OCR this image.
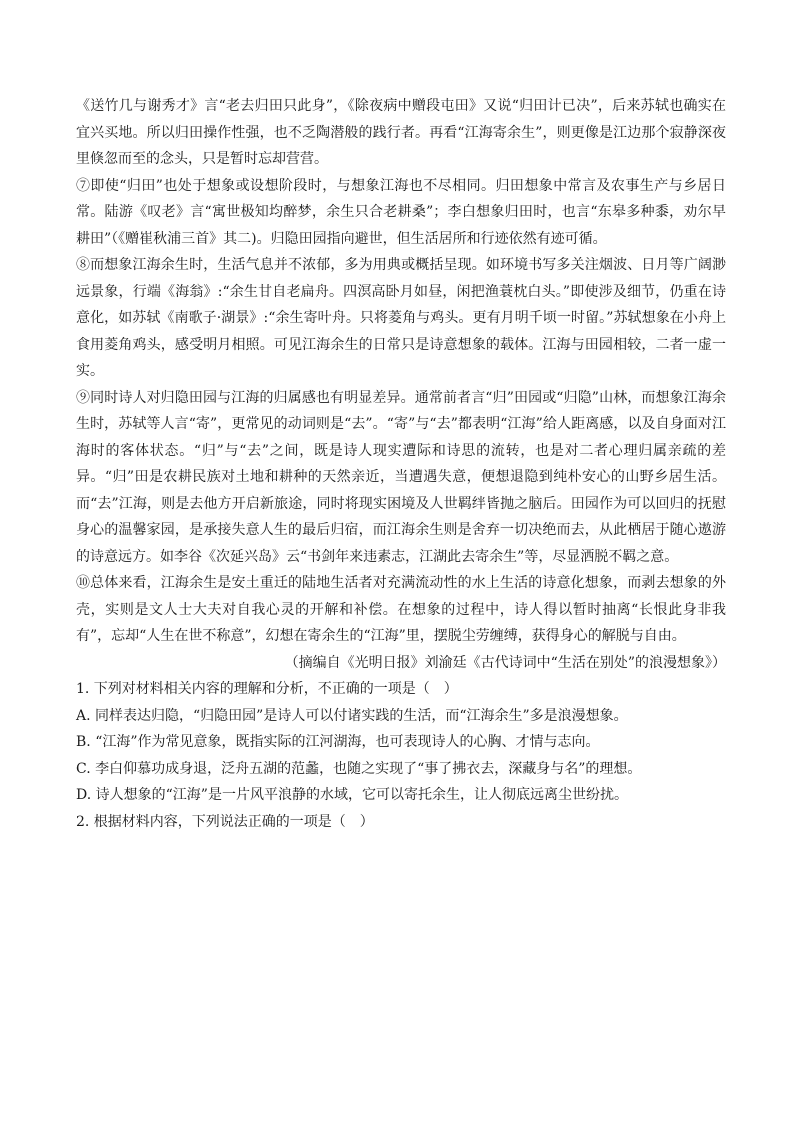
《送竹几与谢秀才》言“老去归田只此身”，《除夜病中赠段屯田》又说“归田计已决”，后来苏轼也确实在宜兴买地。所以归田操作性强，也不乏陶潜般的践行者。再看“江海寄余生”，则更像是江边那个寂静深夜里倏忽而至的念头，只是暂时忘却营营。

⑦即使“归田”也处于想象或设想阶段时，与想象江海也不尽相同。归田想象中常言及农事生产与乡居日常。陆游《叹老》言“寓世极知均醉梦，余生只合老耕桑”；李白想象归田时，也言“东皋多种黍，劝尔早耕田”（《赠崔秋浦三首》其二)。归隐田园指向避世，但生活居所和行迹依然有迹可循。

⑧而想象江海余生时，生活气息并不浓郁，多为用典或概括呈现。如环境书写多关注烟波、日月等广阔渺远景象，行端《海翁》:“余生甘自老扁舟。四溟高卧月如昼，闲把渔蓑枕白头。”即使涉及细节，仍重在诗意化，如苏轼《南歌子·湖景》:“余生寄叶舟。只将菱角与鸡头。更有月明千顷一时留。”苏轼想象在小舟上食用菱角鸡头，感受明月相照。可见江海余生的日常只是诗意想象的载体。江海与田园相较，二者一虚一实。

⑨同时诗人对归隐田园与江海的归属感也有明显差异。通常前者言“归”田园或“归隐”山林，而想象江海余生时，苏轼等人言“寄”，更常见的动词则是“去”。“寄”与“去”都表明“江海”给人距离感，以及自身面对江海时的客体状态。“归”与“去”之间，既是诗人现实遭际和诗思的流转，也是对二者心理归属亲疏的差异。“归”田是农耕民族对土地和耕种的天然亲近，当遭遇失意，便想退隐到纯朴安心的山野乡居生活。而“去”江海，则是去他方开启新旅途，同时将现实困境及人世羁绊皆抛之脑后。田园作为可以回归的抚慰身心的温馨家园，是承接失意人生的最后归宿，而江海余生则是舍弃一切决绝而去，从此栖居于随心遨游的诗意远方。如李谷《次延兴岛》云“书剑年来违素志，江湖此去寄余生”等，尽显洒脱不羁之意。

⑩总体来看，江海余生是安土重迁的陆地生活者对充满流动性的水上生活的诗意化想象，而剥去想象的外壳，实则是文人士大夫对自我心灵的开解和补偿。在想象的过程中，诗人得以暂时抽离“长恨此身非我有”，忘却“人生在世不称意”，幻想在寄余生的“江海”里，摆脱尘劳缠缚，获得身心的解脱与自由。

（摘编自《光明日报》刘渝廷《古代诗词中“生活在别处”的浪漫想象》）

1. 下列对材料相关内容的理解和分析，不正确的一项是（　）

A. 同样表达归隐，“归隐田园”是诗人可以付诸实践的生活，而“江海余生”多是浪漫想象。

B. “江海”作为常见意象，既指实际的江河湖海，也可表现诗人的心胸、才情与志向。

C. 李白仰慕功成身退，泛舟五湖的范蠡，也随之实现了“事了拂衣去，深藏身与名”的理想。

D. 诗人想象的“江海”是一片风平浪静的水域，它可以寄托余生，让人彻底远离尘世纷扰。

2. 根据材料内容，下列说法正确的一项是（　）
